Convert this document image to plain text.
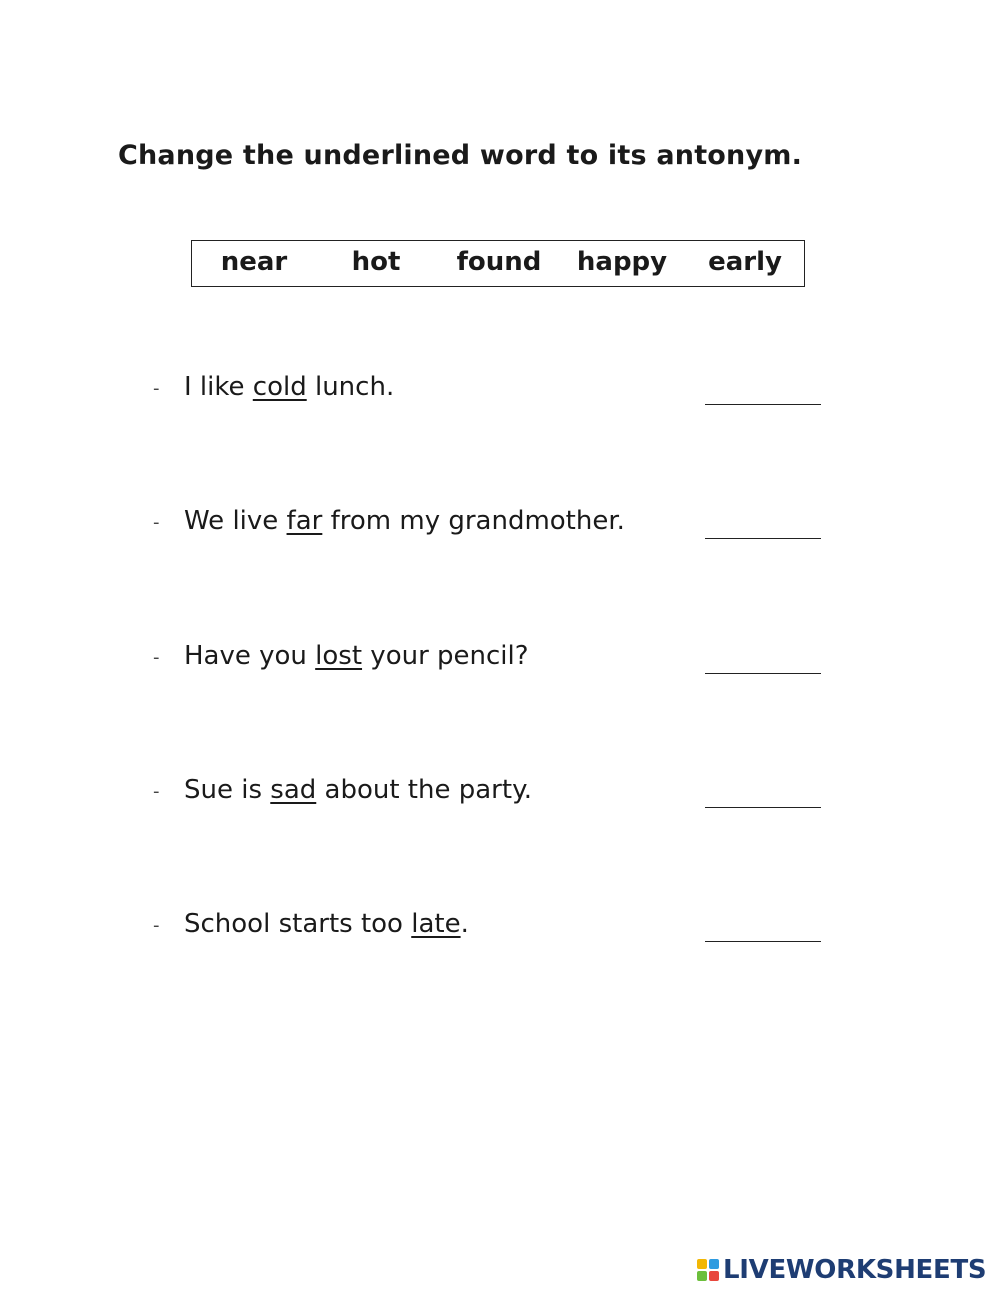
Change the underlined word to its antonym.
near hot found happy early
- I like cold lunch.
- We live far from my grandmother.
- Have you lost your pencil?
- Sue is sad about the party.
- School starts too late.
LIVEWORKSHEETS
